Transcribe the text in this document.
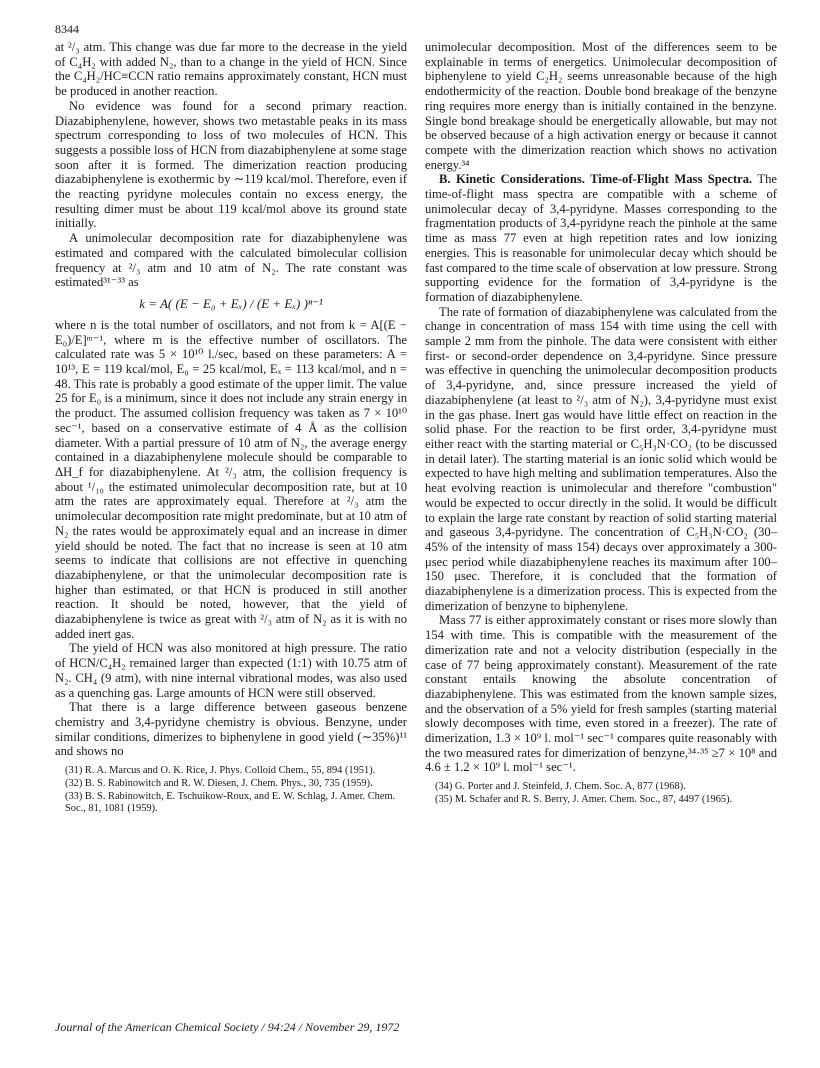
8344

at ²/₃ atm. This change was due far more to the decrease in the yield of C₄H₂ with added N₂, than to a change in the yield of HCN. Since the C₄H₂/HC≡CCN ratio remains approximately constant, HCN must be produced in another reaction.

No evidence was found for a second primary reaction. Diazabiphenylene, however, shows two metastable peaks in its mass spectrum corresponding to loss of two molecules of HCN. This suggests a possible loss of HCN from diazabiphenylene at some stage soon after it is formed. The dimerization reaction producing diazabiphenylene is exothermic by ∼119 kcal/mol. Therefore, even if the reacting pyridyne molecules contain no excess energy, the resulting dimer must be about 119 kcal/mol above its ground state initially.

A unimolecular decomposition rate for diazabiphenylene was estimated and compared with the calculated bimolecular collision frequency at ²/₃ atm and 10 atm of N₂. The rate constant was estimated³¹⁻³³ as

k = A( (E − E₀ + Eₓ) / (E + Eₓ) )ⁿ⁻¹

where n is the total number of oscillators, and not from k = A[(E − E₀)/E]ᵐ⁻¹, where m is the effective number of oscillators. The calculated rate was 5 × 10¹⁰ l./sec, based on these parameters: A = 10¹³, E = 119 kcal/mol, E₀ = 25 kcal/mol, Eₓ = 113 kcal/mol, and n = 48. This rate is probably a good estimate of the upper limit. The value 25 for E₀ is a minimum, since it does not include any strain energy in the product. The assumed collision frequency was taken as 7 × 10¹⁰ sec⁻¹, based on a conservative estimate of 4 Å as the collision diameter. With a partial pressure of 10 atm of N₂, the average energy contained in a diazabiphenylene molecule should be comparable to ΔH_f for diazabiphenylene. At ²/₃ atm, the collision frequency is about ¹/₁₀ the estimated unimolecular decomposition rate, but at 10 atm the rates are approximately equal. Therefore at ²/₃ atm the unimolecular decomposition rate might predominate, but at 10 atm of N₂ the rates would be approximately equal and an increase in dimer yield should be noted. The fact that no increase is seen at 10 atm seems to indicate that collisions are not effective in quenching diazabiphenylene, or that the unimolecular decomposition rate is higher than estimated, or that HCN is produced in still another reaction. It should be noted, however, that the yield of diazabiphenylene is twice as great with ²/₃ atm of N₂ as it is with no added inert gas.

The yield of HCN was also monitored at high pressure. The ratio of HCN/C₄H₂ remained larger than expected (1:1) with 10.75 atm of N₂. CH₄ (9 atm), with nine internal vibrational modes, was also used as a quenching gas. Large amounts of HCN were still observed.

That there is a large difference between gaseous benzene chemistry and 3,4-pyridyne chemistry is obvious. Benzyne, under similar conditions, dimerizes to biphenylene in good yield (∼35%)¹¹ and shows no

(31) R. A. Marcus and O. K. Rice, J. Phys. Colloid Chem., 55, 894 (1951).
(32) B. S. Rabinowitch and R. W. Diesen, J. Chem. Phys., 30, 735 (1959).
(33) B. S. Rabinowitch, E. Tschuikow-Roux, and E. W. Schlag, J. Amer. Chem. Soc., 81, 1081 (1959).

unimolecular decomposition. Most of the differences seem to be explainable in terms of energetics. Unimolecular decomposition of biphenylene to yield C₂H₂ seems unreasonable because of the high endothermicity of the reaction. Double bond breakage of the benzyne ring requires more energy than is initially contained in the benzyne. Single bond breakage should be energetically allowable, but may not be observed because of a high activation energy or because it cannot compete with the dimerization reaction which shows no activation energy.³⁴

B. Kinetic Considerations. Time-of-Flight Mass Spectra. The time-of-flight mass spectra are compatible with a scheme of unimolecular decay of 3,4-pyridyne. Masses corresponding to the fragmentation products of 3,4-pyridyne reach the pinhole at the same time as mass 77 even at high repetition rates and low ionizing energies. This is reasonable for unimolecular decay which should be fast compared to the time scale of observation at low pressure. Strong supporting evidence for the formation of 3,4-pyridyne is the formation of diazabiphenylene.

The rate of formation of diazabiphenylene was calculated from the change in concentration of mass 154 with time using the cell with sample 2 mm from the pinhole. The data were consistent with either first- or second-order dependence on 3,4-pyridyne. Since pressure was effective in quenching the unimolecular decomposition products of 3,4-pyridyne, and, since pressure increased the yield of diazabiphenylene (at least to ²/₃ atm of N₂), 3,4-pyridyne must exist in the gas phase. Inert gas would have little effect on reaction in the solid phase. For the reaction to be first order, 3,4-pyridyne must either react with the starting material or C₅H₃N·CO₂ (to be discussed in detail later). The starting material is an ionic solid which would be expected to have high melting and sublimation temperatures. Also the heat evolving reaction is unimolecular and therefore "combustion" would be expected to occur directly in the solid. It would be difficult to explain the large rate constant by reaction of solid starting material and gaseous 3,4-pyridyne. The concentration of C₅H₃N·CO₂ (30–45% of the intensity of mass 154) decays over approximately a 300-μsec period while diazabiphenylene reaches its maximum after 100–150 μsec. Therefore, it is concluded that the formation of diazabiphenylene is a dimerization process. This is expected from the dimerization of benzyne to biphenylene.

Mass 77 is either approximately constant or rises more slowly than 154 with time. This is compatible with the measurement of the dimerization rate and not a velocity distribution (especially in the case of 77 being approximately constant). Measurement of the rate constant entails knowing the absolute concentration of diazabiphenylene. This was estimated from the known sample sizes, and the observation of a 5% yield for fresh samples (starting material slowly decomposes with time, even stored in a freezer). The rate of dimerization, 1.3 × 10⁹ l. mol⁻¹ sec⁻¹ compares quite reasonably with the two measured rates for dimerization of benzyne,³⁴·³⁵ ≥7 × 10⁸ and 4.6 ± 1.2 × 10⁹ l. mol⁻¹ sec⁻¹.

(34) G. Porter and J. Steinfeld, J. Chem. Soc. A, 877 (1968).
(35) M. Schafer and R. S. Berry, J. Amer. Chem. Soc., 87, 4497 (1965).
Journal of the American Chemical Society / 94:24 / November 29, 1972
